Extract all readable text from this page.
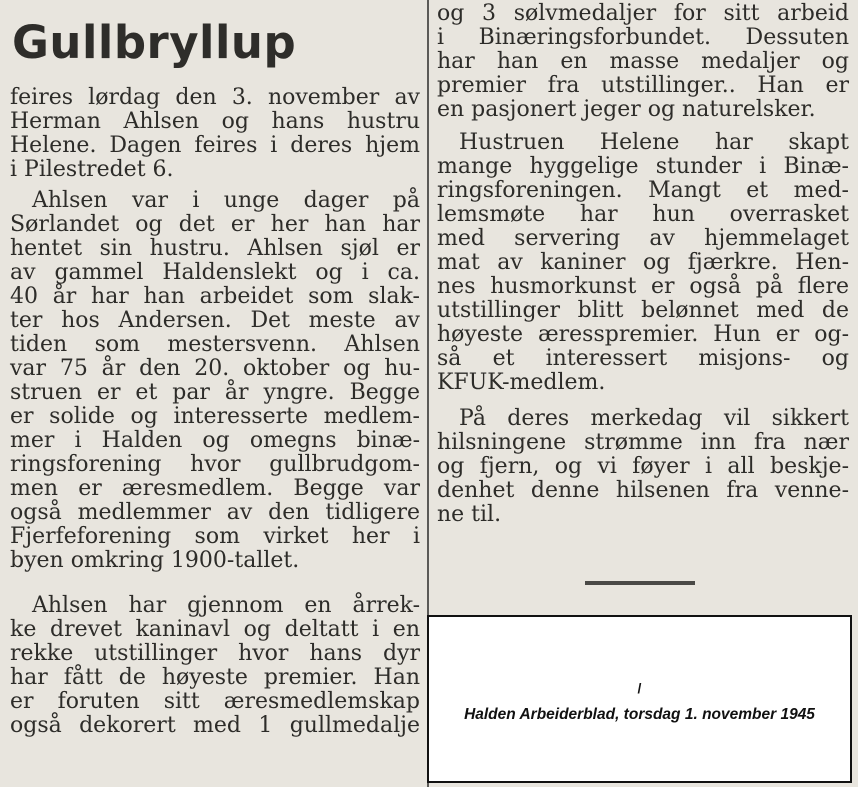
Gullbryllup
feires lørdag den 3. november av
Herman Ahlsen og hans hustru
Helene. Dagen feires i deres hjem
i Pilestredet 6.
Ahlsen var i unge dager på
Sørlandet og det er her han har
hentet sin hustru. Ahlsen sjøl er
av gammel Haldenslekt og i ca.
40 år har han arbeidet som slak-
ter hos Andersen. Det meste av
tiden som mestersvenn. Ahlsen
var 75 år den 20. oktober og hu-
struen er et par år yngre. Begge
er solide og interesserte medlem-
mer i Halden og omegns binæ-
ringsforening hvor gullbrudgom-
men er æresmedlem. Begge var
også medlemmer av den tidligere
Fjerfeforening som virket her i
byen omkring 1900-tallet.
Ahlsen har gjennom en årrek-
ke drevet kaninavl og deltatt i en
rekke utstillinger hvor hans dyr
har fått de høyeste premier. Han
er foruten sitt æresmedlemskap
også dekorert med 1 gullmedalje
og 3 sølvmedaljer for sitt arbeid
i Binæringsforbundet. Dessuten
har han en masse medaljer og
premier fra utstillinger.. Han er
en pasjonert jeger og naturelsker.
Hustruen Helene har skapt
mange hyggelige stunder i Binæ-
ringsforeningen. Mangt et med-
lemsmøte har hun overrasket
med servering av hjemmelaget
mat av kaniner og fjærkre. Hen-
nes husmorkunst er også på flere
utstillinger blitt belønnet med de
høyeste æresspremier. Hun er og-
så et interessert misjons- og
KFUK-medlem.
På deres merkedag vil sikkert
hilsningene strømme inn fra nær
og fjern, og vi føyer i all beskje-
denhet denne hilsenen fra venne-
ne til.
/
Halden Arbeiderblad, torsdag 1. november 1945
